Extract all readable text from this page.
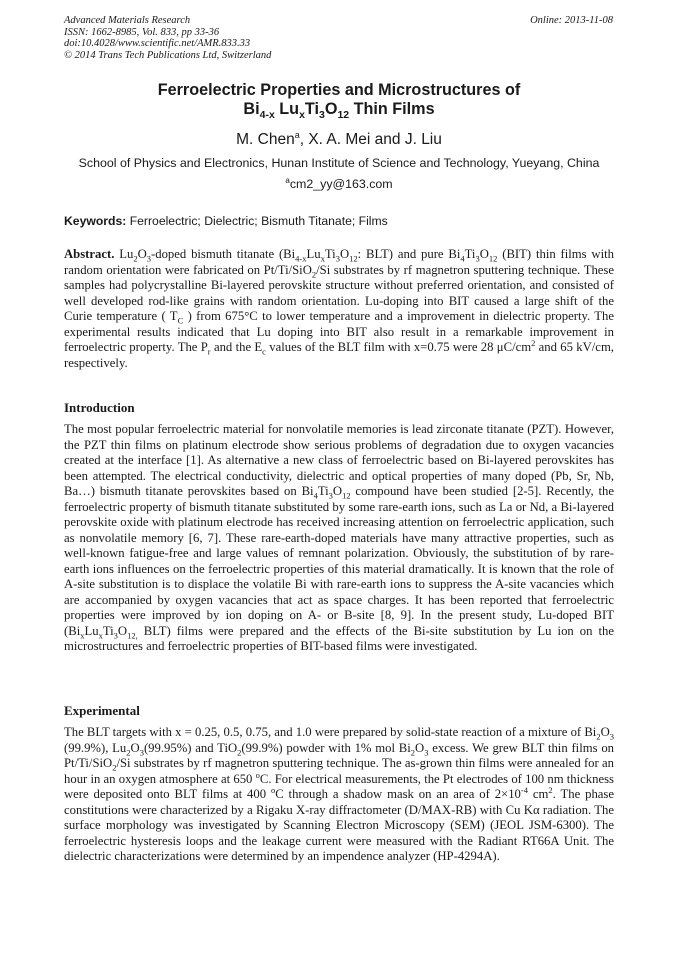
Advanced Materials Research
ISSN: 1662-8985, Vol. 833, pp 33-36
doi:10.4028/www.scientific.net/AMR.833.33
© 2014 Trans Tech Publications Ltd, Switzerland
Online: 2013-11-08
Ferroelectric Properties and Microstructures of
$Bi_{4-x}$ $Lu_xTi_3O_{12}$ Thin Films
M. Chen$^a$, X. A. Mei and J. Liu
School of Physics and Electronics, Hunan Institute of Science and Technology, Yueyang, China
$^a$cm2_yy@163.com
Keywords: Ferroelectric; Dielectric; Bismuth Titanate; Films

Abstract. $Lu_2O_3$-doped bismuth titanate ($Bi_{4-x}Lu_xTi_3O_{12}$: BLT) and pure $Bi_4Ti_3O_{12}$ (BIT) thin films with random orientation were fabricated on Pt/Ti/SiO$_2$/Si substrates by rf magnetron sputtering technique. These samples had polycrystalline Bi-layered perovskite structure without preferred orientation, and consisted of well developed rod-like grains with random orientation. Lu-doping into BIT caused a large shift of the Curie temperature ( $T_C$ ) from 675°C to lower temperature and a improvement in dielectric property. The experimental results indicated that Lu doping into BIT also result in a remarkable improvement in ferroelectric property. The $P_r$ and the $E_c$ values of the BLT film with x=0.75 were 28 $\mu C/cm^2$ and 65 kV/cm, respectively.

Introduction

The most popular ferroelectric material for nonvolatile memories is lead zirconate titanate (PZT). However, the PZT thin films on platinum electrode show serious problems of degradation due to oxygen vacancies created at the interface [1]. As alternative a new class of ferroelectric based on Bi-layered perovskites has been attempted. The electrical conductivity, dielectric and optical properties of many doped (Pb, Sr, Nb, Ba…) bismuth titanate perovskites based on $Bi_4Ti_3O_{12}$ compound have been studied [2-5]. Recently, the ferroelectric property of bismuth titanate substituted by some rare-earth ions, such as La or Nd, a Bi-layered perovskite oxide with platinum electrode has received increasing attention on ferroelectric application, such as nonvolatile memory [6, 7]. These rare-earth-doped materials have many attractive properties, such as well-known fatigue-free and large values of remnant polarization. Obviously, the substitution of by rare-earth ions influences on the ferroelectric properties of this material dramatically. It is known that the role of A-site substitution is to displace the volatile Bi with rare-earth ions to suppress the A-site vacancies which are accompanied by oxygen vacancies that act as space charges. It has been reported that ferroelectric properties were improved by ion doping on A- or B-site [8, 9]. In the present study, Lu-doped BIT ($Bi_xLu_xTi_3O_{12,}$ BLT) films were prepared and the effects of the Bi-site substitution by Lu ion on the microstructures and ferroelectric properties of BIT-based films were investigated.

Experimental

The BLT targets with x = 0.25, 0.5, 0.75, and 1.0 were prepared by solid-state reaction of a mixture of $Bi_2O_3$ (99.9%), $Lu_2O_3(99.95\%)$ and TiO$_2$(99.9%) powder with 1% mol $Bi_2O_3$ excess. We grew BLT thin films on Pt/Ti/SiO$_2$/Si substrates by rf magnetron sputtering technique. The as-grown thin films were annealed for an hour in an oxygen atmosphere at 650 $^o$C. For electrical measurements, the Pt electrodes of 100 nm thickness were deposited onto BLT films at 400 $^o$C through a shadow mask on an area of $2\times 10^{-4}$ $cm^2$. The phase constitutions were characterized by a Rigaku X-ray diffractometer (D/MAX-RB) with Cu Kα radiation. The surface morphology was investigated by Scanning Electron Microscopy (SEM) (JEOL JSM-6300). The ferroelectric hysteresis loops and the leakage current were measured with the Radiant RT66A Unit. The dielectric characterizations were determined by an impendence analyzer (HP-4294A).
